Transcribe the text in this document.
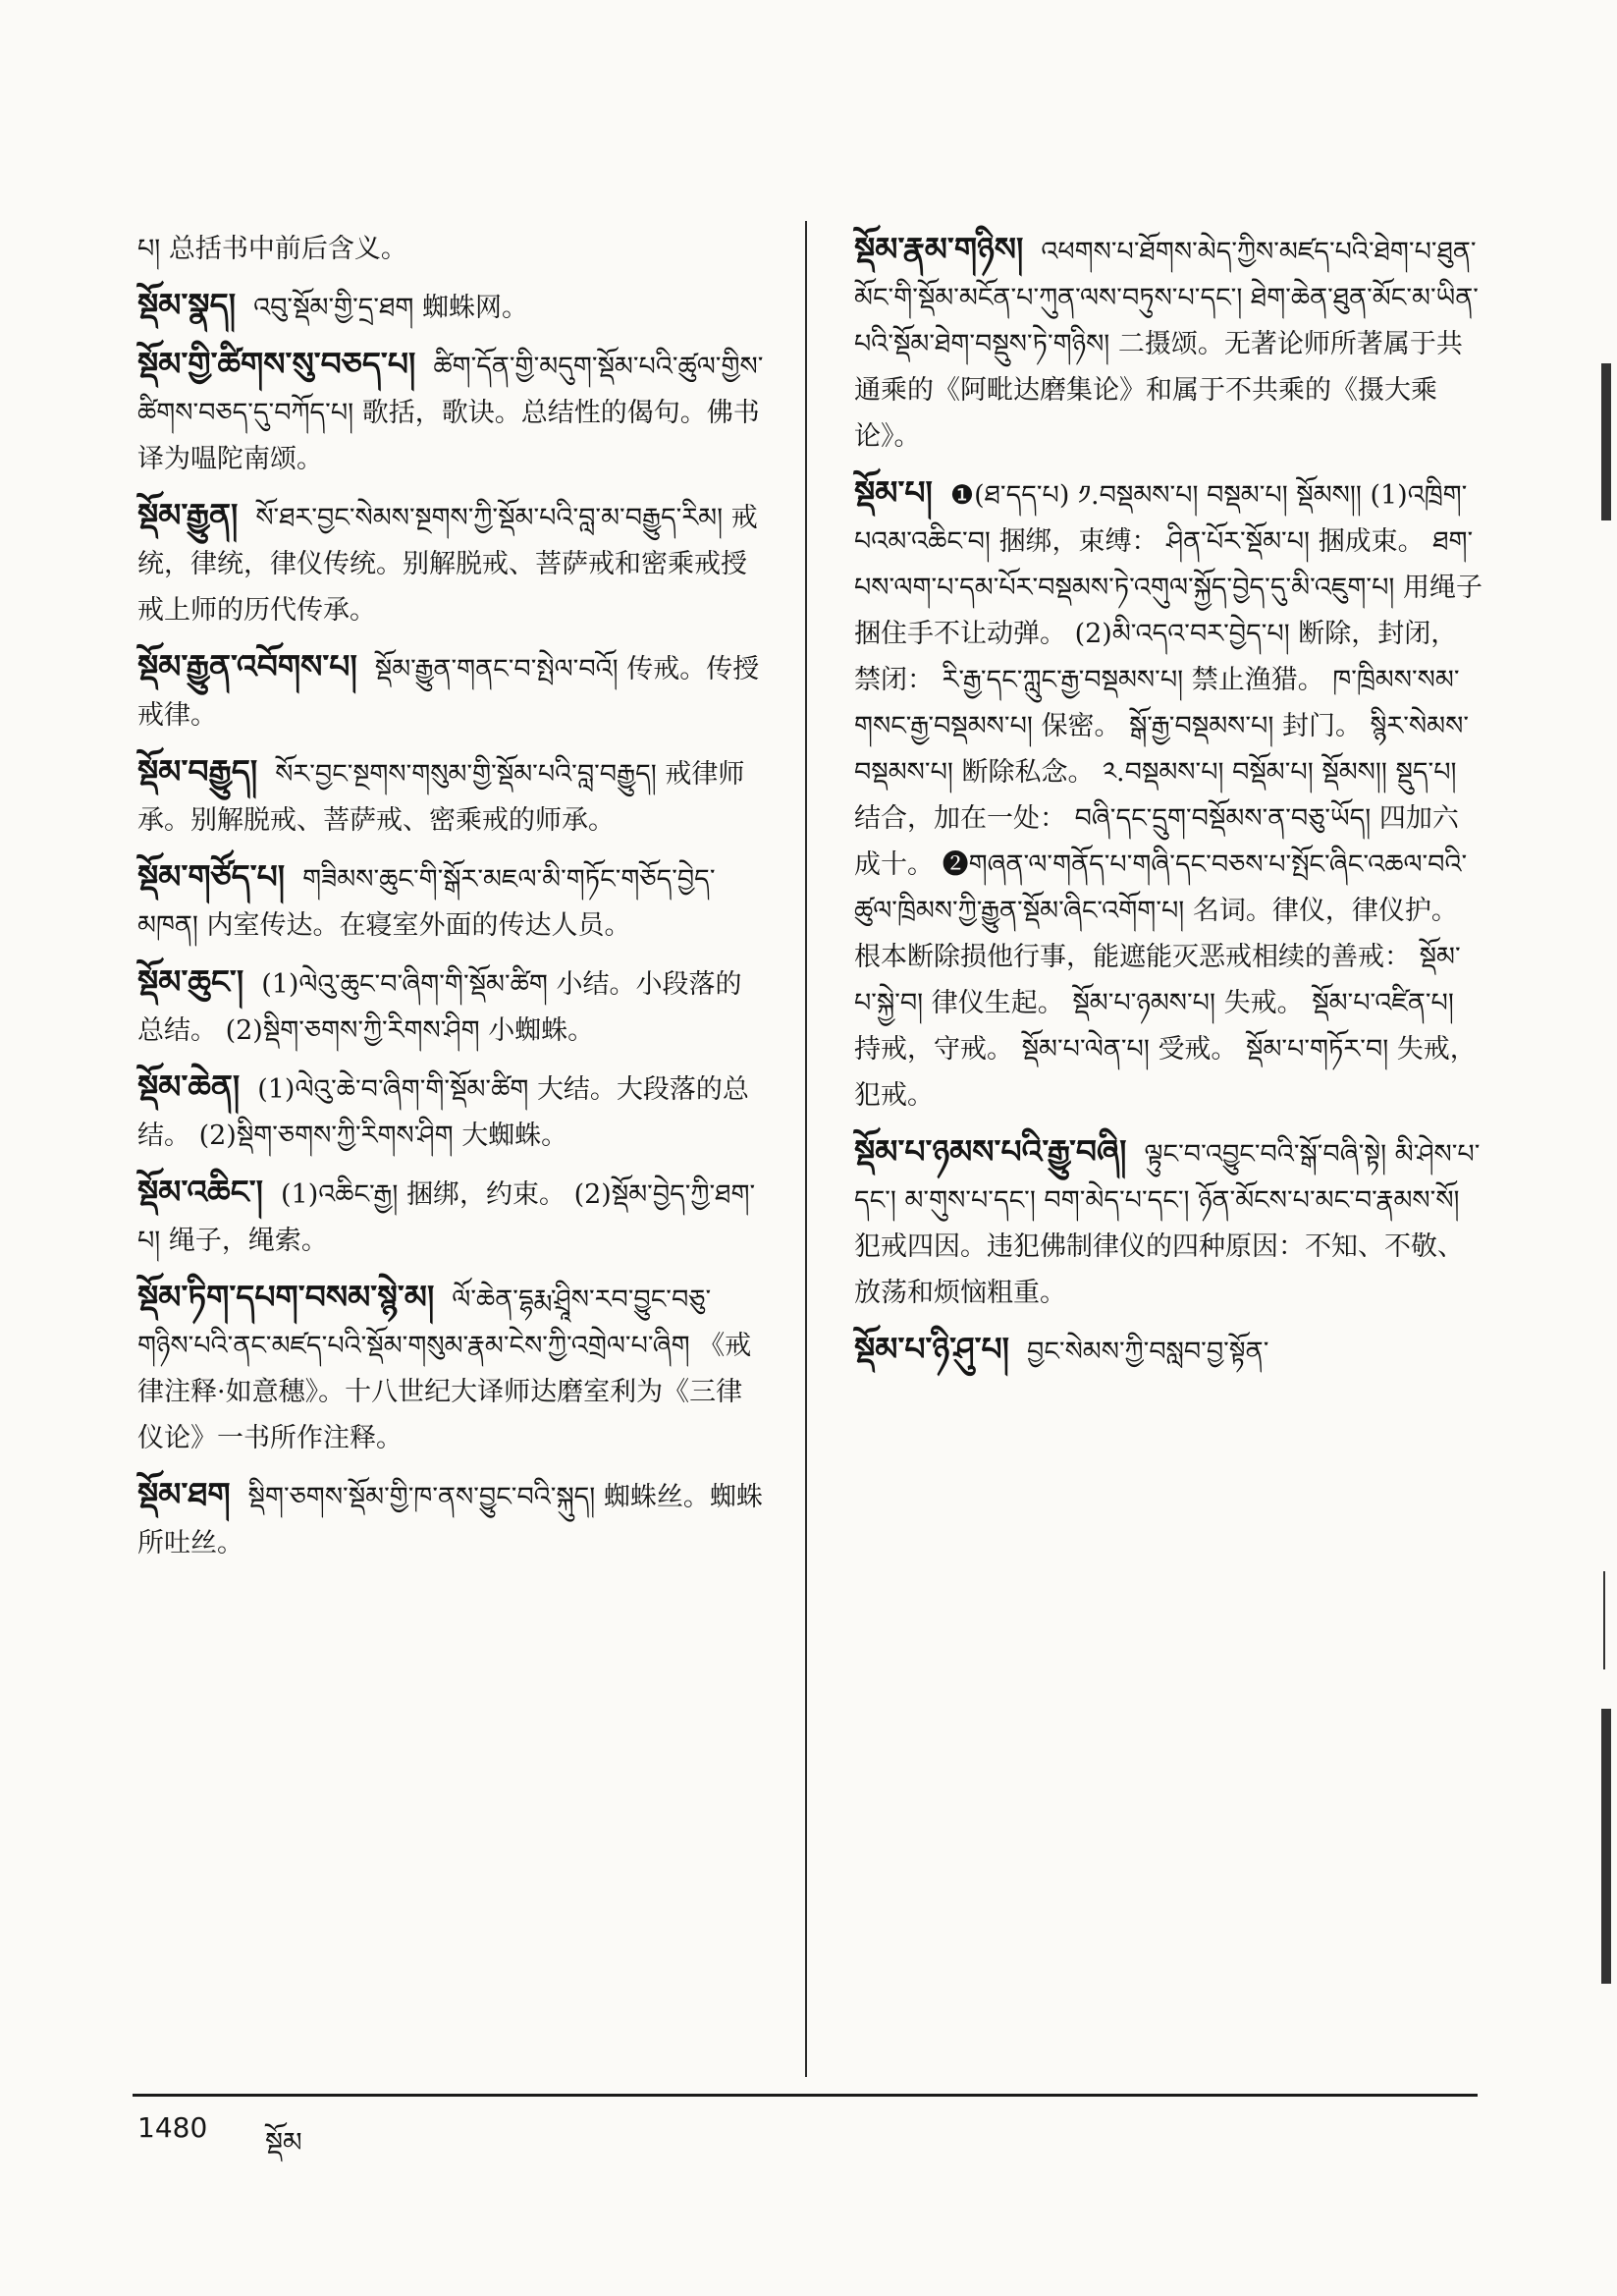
པ། 总括书中前后含义。
སྡོམ་སྣད། འབུ་སྡོམ་གྱི་དྲ་ཐག 蜘蛛网。
སྡོམ་གྱི་ཚིགས་སུ་བཅད་པ། ཚིག་དོན་གྱི་མདུག་སྡོམ་པའི་ཚུལ་གྱིས་ཚིགས་བཅད་དུ་བཀོད་པ། 歌括，歌诀。总结性的偈句。佛书译为嗢陀南颂。
སྡོམ་རྒྱུན། སོ་ཐར་བྱང་སེམས་སྔགས་ཀྱི་སྡོམ་པའི་བླ་མ་བརྒྱུད་རིམ། 戒统，律统，律仪传统。别解脱戒、菩萨戒和密乘戒授戒上师的历代传承。
སྡོམ་རྒྱུན་འབོགས་པ། སྡོམ་རྒྱུན་གནང་བ་སྤེལ་བའོ། 传戒。传授戒律。
སྡོམ་བརྒྱུད། སོར་བྱང་སྔགས་གསུམ་གྱི་སྡོམ་པའི་བླ་བརྒྱུད། 戒律师承。别解脱戒、菩萨戒、密乘戒的师承。
སྡོམ་གཙོད་པ། གཟིམས་ཆུང་གི་སྒོར་མཇལ་མི་གཏོང་གཅོད་བྱེད་མཁན། 内室传达。在寝室外面的传达人员。
སྡོམ་ཆུང་། (1)ལེའུ་ཆུང་བ་ཞིག་གི་སྡོམ་ཚིག 小结。小段落的总结。 (2)སྡིག་ཅགས་ཀྱི་རིགས་ཤིག 小蜘蛛。
སྡོམ་ཆེན། (1)ལེའུ་ཆེ་བ་ཞིག་གི་སྡོམ་ཚིག 大结。大段落的总结。 (2)སྡིག་ཅགས་ཀྱི་རིགས་ཤིག 大蜘蛛。
སྡོམ་འཆིང་། (1)འཆིང་རྒྱ། 捆绑，约束。 (2)སྡོམ་བྱེད་ཀྱི་ཐག་པ། 绳子，绳索。
སྡོམ་ཏིག་དཔག་བསམ་སྙེ་མ། ལོ་ཆེན་དྷརྨ་ཤྲཱིས་རབ་བྱུང་བཅུ་གཉིས་པའི་ནང་མཛད་པའི་སྡོམ་གསུམ་རྣམ་ངེས་ཀྱི་འགྲེལ་པ་ཞིག 《戒律注释·如意穗》。十八世纪大译师达磨室利为《三律仪论》一书所作注释。
སྡོམ་ཐག སྡིག་ཅགས་སྡོམ་གྱི་ཁ་ནས་བྱུང་བའི་སྐུད། 蜘蛛丝。蜘蛛所吐丝。
སྡོམ་རྣམ་གཉིས། འཕགས་པ་ཐོགས་མེད་ཀྱིས་མཛད་པའི་ཐེག་པ་ཐུན་མོང་གི་སྡོམ་མངོན་པ་ཀུན་ལས་བཏུས་པ་དང་། ཐེག་ཆེན་ཐུན་མོང་མ་ཡིན་པའི་སྡོམ་ཐེག་བསྡུས་ཏེ་གཉིས། 二摄颂。无著论师所著属于共通乘的《阿毗达磨集论》和属于不共乘的《摄大乘论》。
སྡོམ་པ། ❶(ཐ་དད་པ) ༡.བསྡམས་པ། བསྡམ་པ། སྡོམས།། (1)འཁྲིག་པའམ་འཆིང་བ། 捆绑，束缚： ཤིན་པོར་སྡོམ་པ། 捆成束。 ཐག་པས་ལག་པ་དམ་པོར་བསྡམས་ཏེ་འགུལ་སྐྱོད་བྱེད་དུ་མི་འཇུག་པ། 用绳子捆住手不让动弹。 (2)མི་འདའ་བར་བྱེད་པ། 断除，封闭，禁闭： རི་རྒྱ་དང་ཀླུང་རྒྱ་བསྡམས་པ། 禁止渔猎。 ཁ་ཁྲིམས་སམ་གསང་རྒྱ་བསྡམས་པ། 保密。 སྒོ་རྒྱ་བསྡམས་པ། 封门。 སྙིར་སེམས་བསྡམས་པ། 断除私念。 ༢.བསྡམས་པ། བསྡོམ་པ། སྡོམས།། སྡུད་པ། 结合，加在一处： བཞི་དང་དྲུག་བསྡོམས་ན་བཅུ་ཡོད། 四加六成十。 ❷གཞན་ལ་གནོད་པ་གཞི་དང་བཅས་པ་སྤོང་ཞིང་འཆལ་བའི་ཚུལ་ཁྲིམས་ཀྱི་རྒྱུན་སྡོམ་ཞིང་འགོག་པ། 名词。律仪，律仪护。根本断除损他行事，能遮能灭恶戒相续的善戒： སྡོམ་པ་སྐྱེ་བ། 律仪生起。 སྡོམ་པ་ཉམས་པ། 失戒。 སྡོམ་པ་འཛིན་པ། 持戒，守戒。 སྡོམ་པ་ལེན་པ། 受戒。 སྡོམ་པ་གཏོར་བ། 失戒，犯戒。
སྡོམ་པ་ཉམས་པའི་རྒྱུ་བཞི། ལྟུང་བ་འབྱུང་བའི་སྒོ་བཞི་སྟེ། མི་ཤེས་པ་དང་། མ་གུས་པ་དང་། བག་མེད་པ་དང་། ཉོན་མོངས་པ་མང་བ་རྣམས་སོ། 犯戒四因。违犯佛制律仪的四种原因：不知、不敬、放荡和烦恼粗重。
སྡོམ་པ་ཉི་ཤུ་པ། བྱང་སེམས་ཀྱི་བསླབ་བྱ་སྟོན་
1480 སྡོམ
